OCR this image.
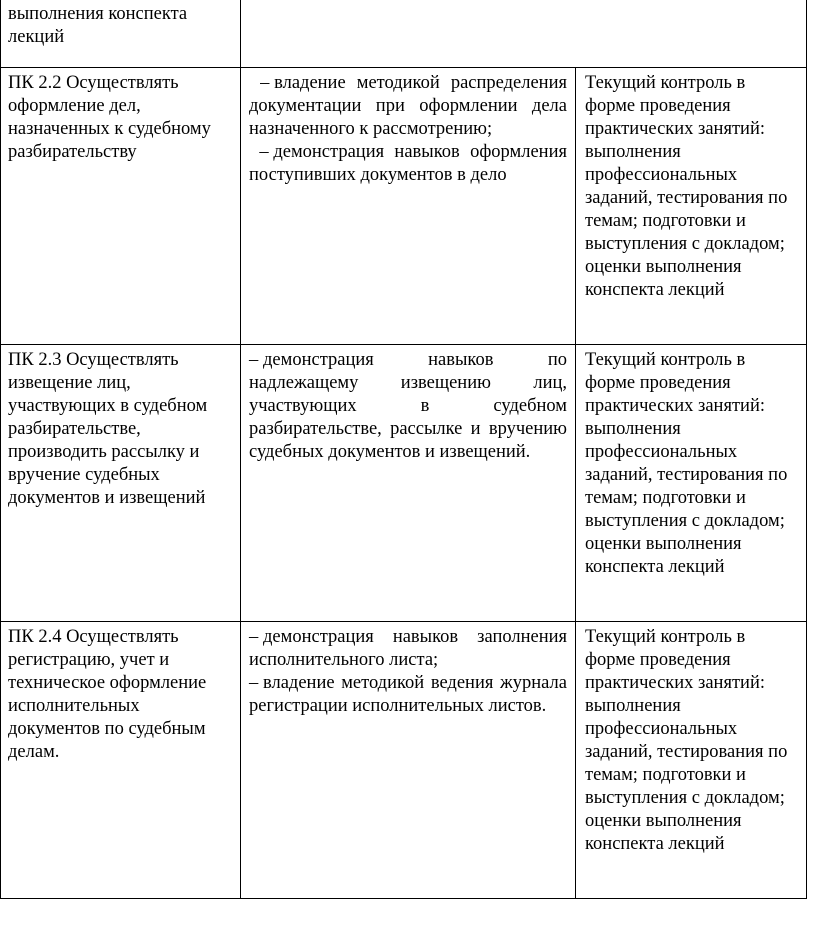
выполнения конспекта лекций

ПК 2.2 Осуществлять оформление дел, назначенных к судебному разбирательству

– владение методикой распределения документации при оформлении дела назначенного к рассмотрению;

– демонстрация навыков оформления поступивших документов в дело

Текущий контроль в форме проведения практических занятий: выполнения профессиональных заданий, тестирования по темам; подготовки и выступления с докладом; оценки выполнения конспекта лекций

ПК 2.3 Осуществлять извещение лиц, участвующих в судебном разбирательстве, производить рассылку и вручение судебных документов и извещений

– демонстрация навыков по надлежащему извещению лиц, участвующих в судебном разбирательстве, рассылке и вручению судебных документов и извещений.

Текущий контроль в форме проведения практических занятий: выполнения профессиональных заданий, тестирования по темам; подготовки и выступления с докладом; оценки выполнения конспекта лекций

ПК 2.4 Осуществлять регистрацию, учет и техническое оформление исполнительных документов по судебным делам.

– демонстрация навыков заполнения исполнительного листа;

– владение методикой ведения журнала регистрации исполнительных листов.

Текущий контроль в форме проведения практических занятий: выполнения профессиональных заданий, тестирования по темам; подготовки и выступления с докладом; оценки выполнения конспекта лекций
